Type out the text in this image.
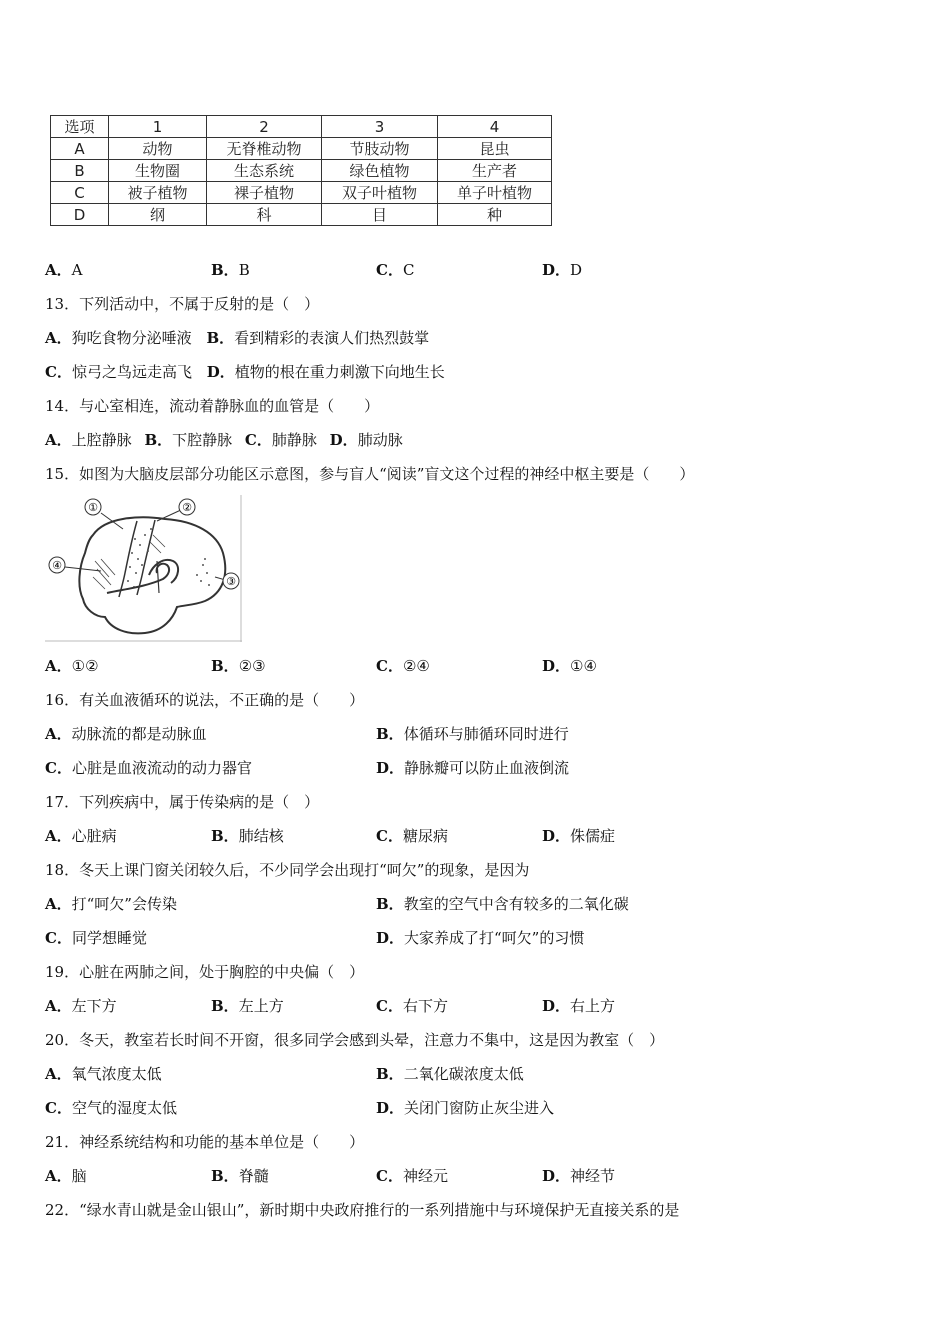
选项	1	2	3	4
A	动物	无脊椎动物	节肢动物	昆虫
B	生物圈	生态系统	绿色植物	生产者
C	被子植物	裸子植物	双子叶植物	单子叶植物
D	纲	科	目	种
A．A	B．B	C．C	D．D
13．下列活动中，不属于反射的是（　）
A．狗吃食物分泌唾液 B．看到精彩的表演人们热烈鼓掌
C．惊弓之鸟远走高飞 D．植物的根在重力刺激下向地生长
14．与心室相连，流动着静脉血的血管是（　　）
A．上腔静脉 B．下腔静脉 C．肺静脉 D．肺动脉
15．如图为大脑皮层部分功能区示意图，参与盲人“阅读”盲文这个过程的神经中枢主要是（　　）
①	②
③
④
A．①②	B．②③	C．②④	D．①④
16．有关血液循环的说法，不正确的是（　　）
A．动脉流的都是动脉血	B．体循环与肺循环同时进行
C．心脏是血液流动的动力器官	D．静脉瓣可以防止血液倒流
17．下列疾病中，属于传染病的是（　）
A．心脏病	B．肺结核	C．糖尿病	D．侏儒症
18．冬天上课门窗关闭较久后，不少同学会出现打“呵欠”的现象，是因为
A．打“呵欠”会传染	B．教室的空气中含有较多的二氧化碳
C．同学想睡觉	D．大家养成了打“呵欠”的习惯
19．心脏在两肺之间，处于胸腔的中央偏（　）
A．左下方	B．左上方	C．右下方	D．右上方
20．冬天，教室若长时间不开窗，很多同学会感到头晕，注意力不集中，这是因为教室（　）
A．氧气浓度太低	B．二氧化碳浓度太低
C．空气的湿度太低	D．关闭门窗防止灰尘进入
21．神经系统结构和功能的基本单位是（　　）
A．脑	B．脊髓	C．神经元	D．神经节
22．“绿水青山就是金山银山”，新时期中央政府推行的一系列措施中与环境保护无直接关系的是
